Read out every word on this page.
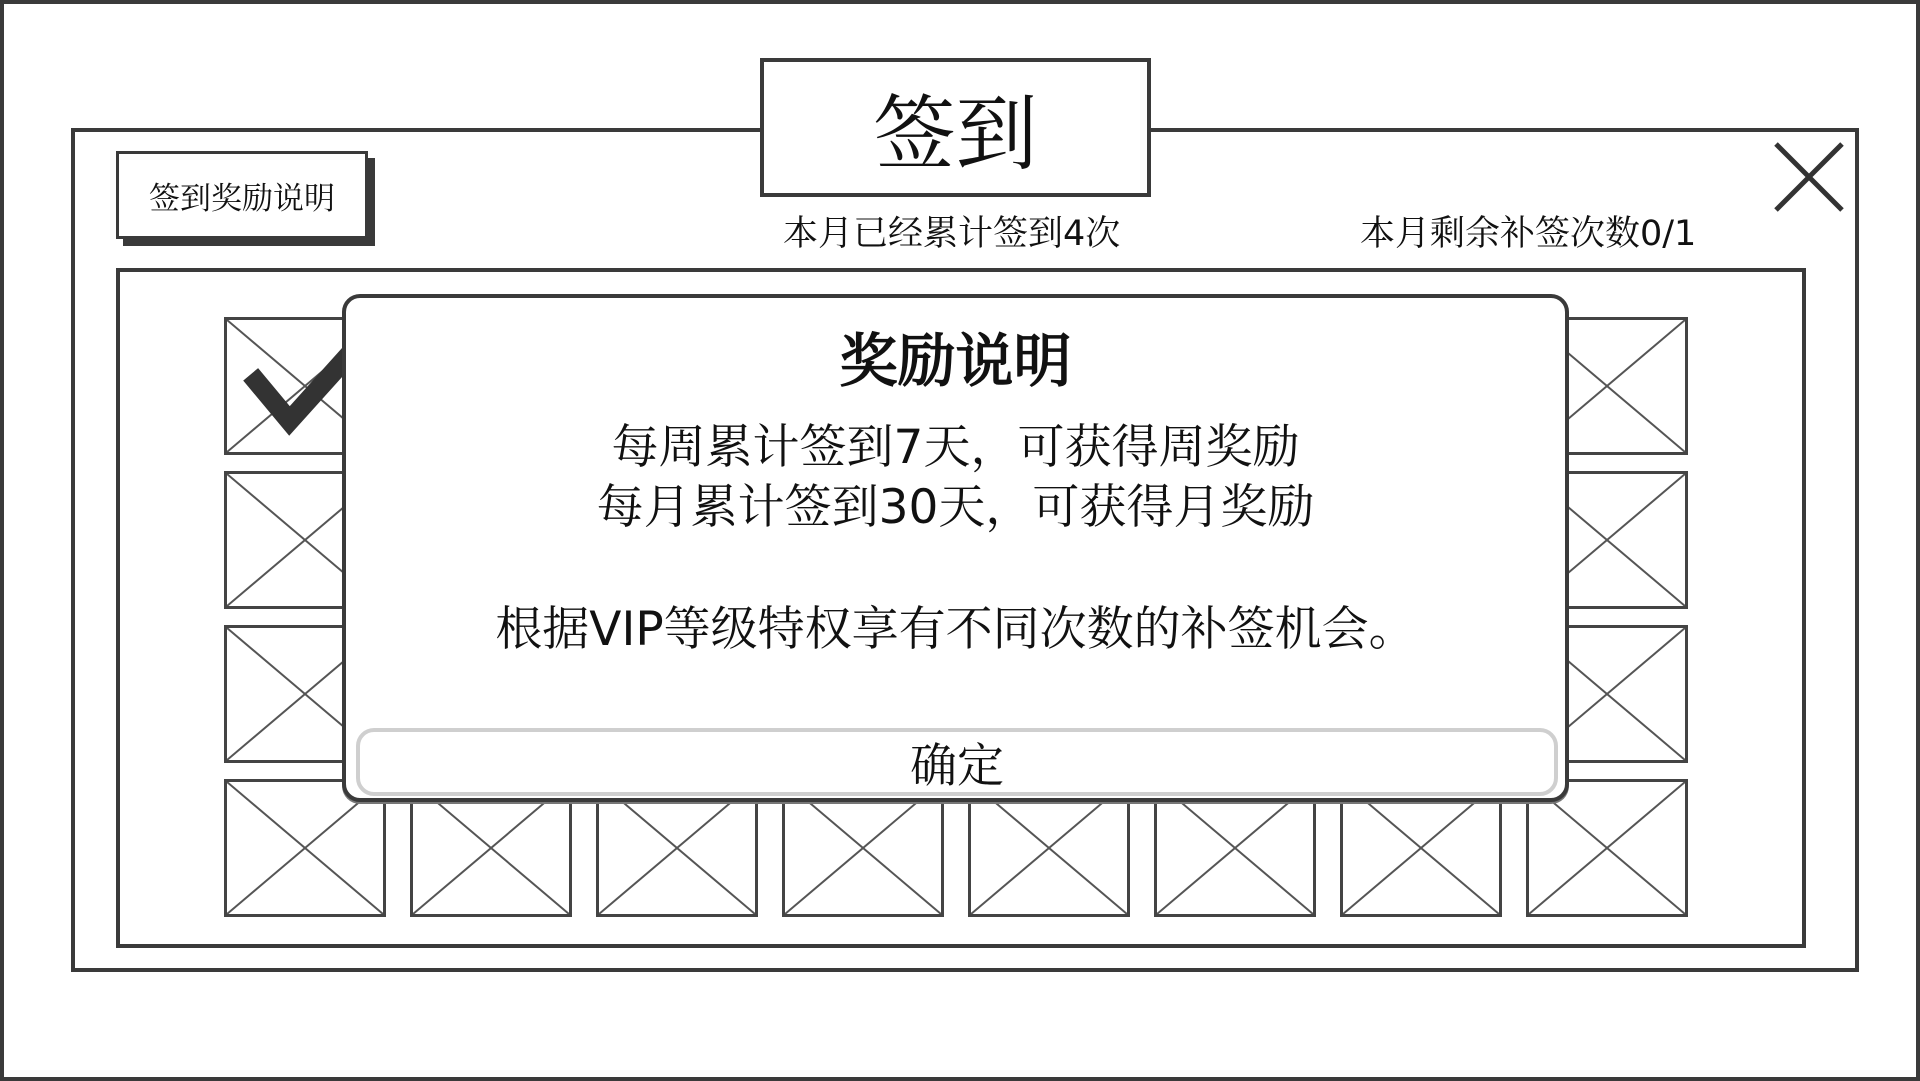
签到
签到奖励说明
本月已经累计签到4次	本月剩余补签次数0/1
奖励说明
每周累计签到7天，可获得周奖励
每月累计签到30天，可获得月奖励
根据VIP等级特权享有不同次数的补签机会。
确定
